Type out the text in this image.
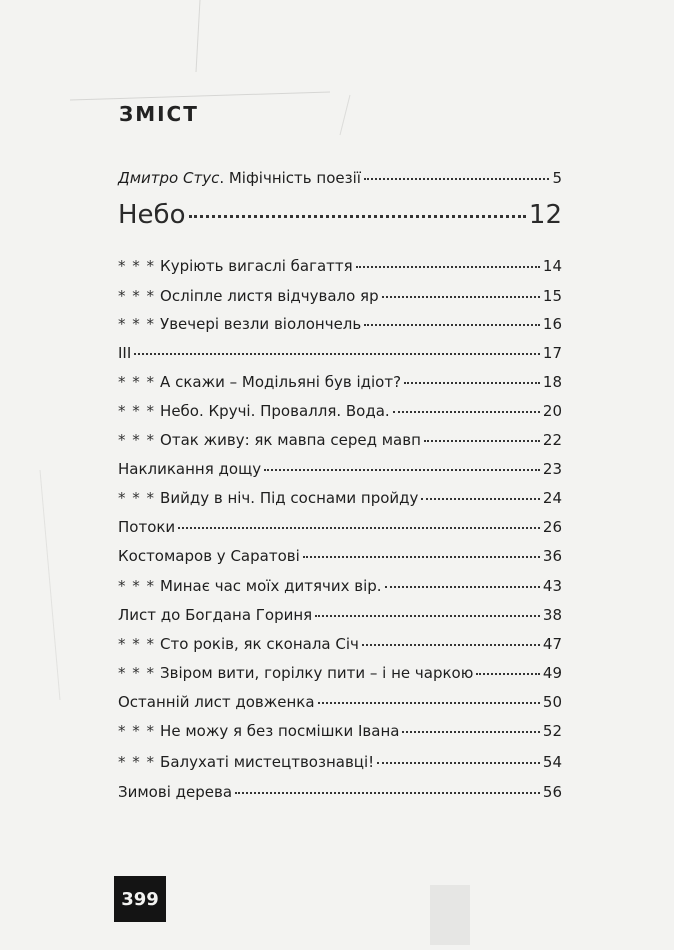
ЗМІСТ
Дмитро Стус . Міфічність поезії	5
Небо	12
* * * Курiють вигаслi багаття	14
* * * Ослiпле листя вiдчувало яр	15
* * * Увечерi везли вiолончель	16
III	17
* * * А скажи – Модiльянi був iдiот?	18
* * * Небо. Кручi. Провалля. Вода.	20
* * * Отак живу: як мавпа серед мавп	22
Накликання дощу	23
* * * Вийду в нiч. Пiд соснами пройду	24
Потоки	26
Костомаров у Саратовi	36
* * * Минає час моїх дитячих вiр.	43
Лист до Богдана Гориня	38
* * * Сто рокiв, як сконала Сiч	47
* * * Звiром вити, горiлку пити – i не чаркою	49
Останнiй лист довженка	50
* * * Не можу я без посмiшки Iвана	52
* * * Балухатi мистецтвознавцi!	54
Зимовi дерева	56
399
